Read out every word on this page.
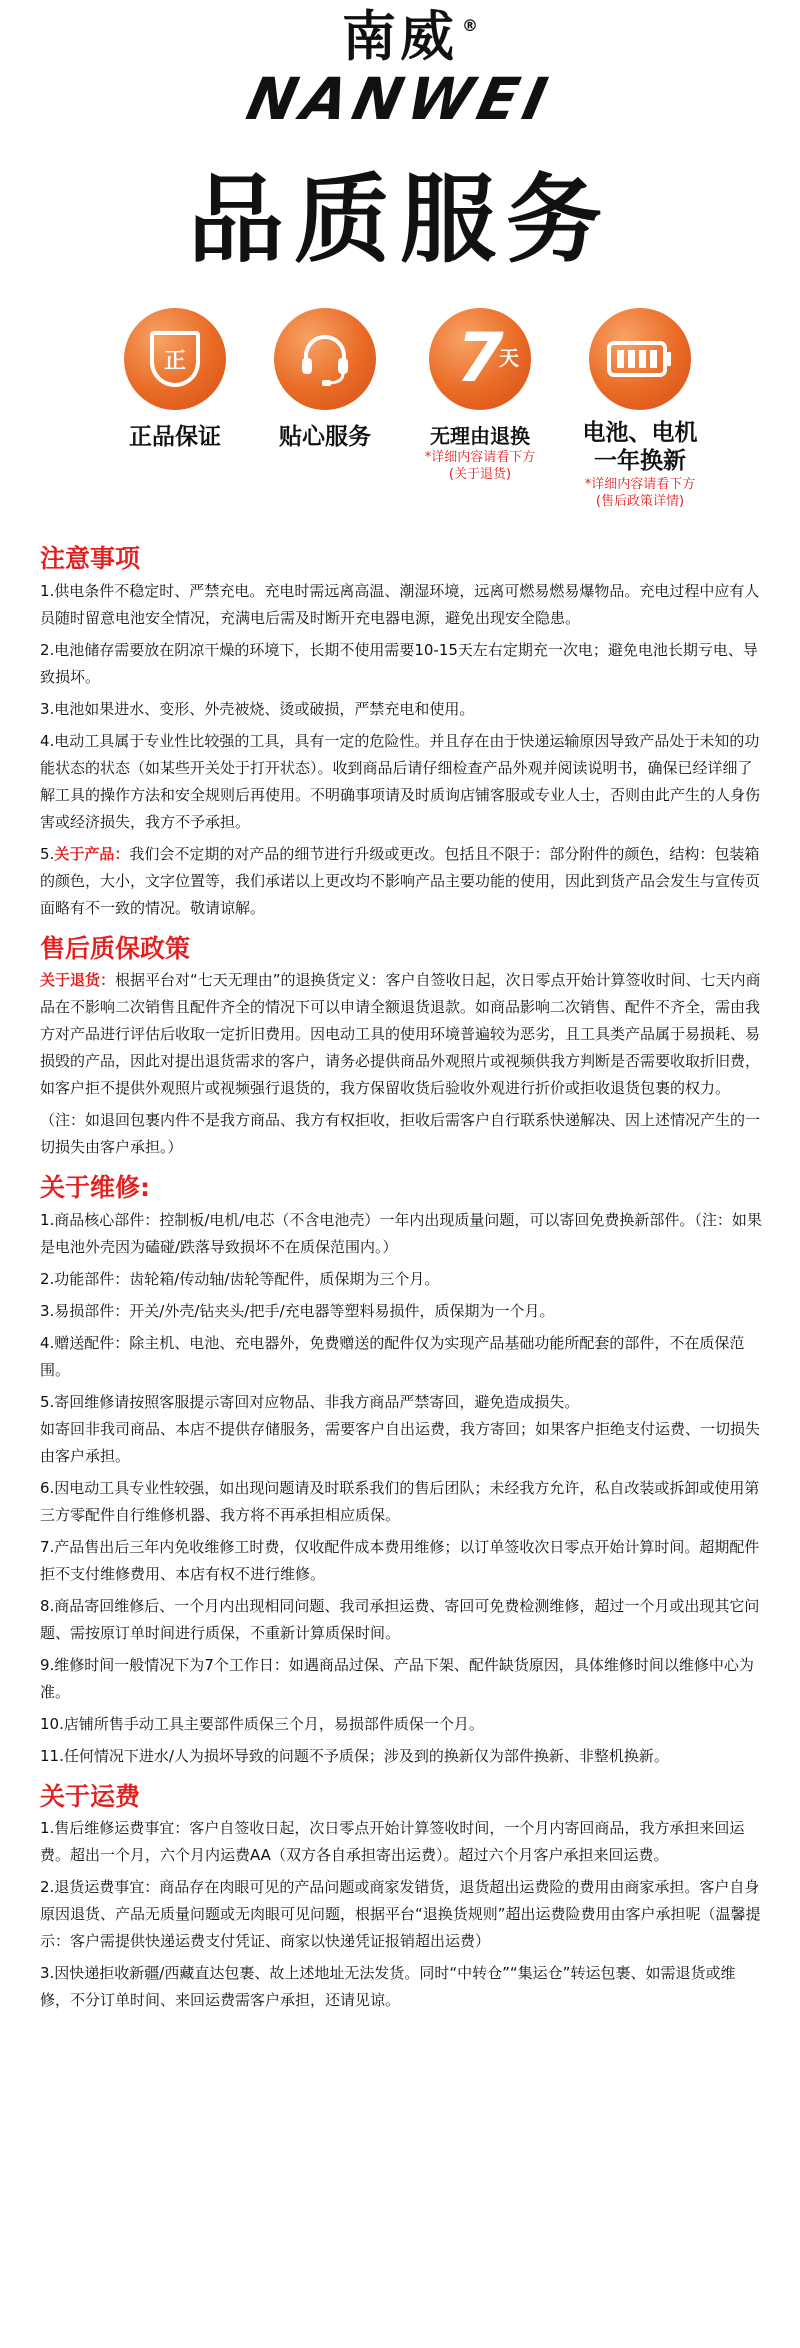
南威 ®
NANWEI
品质服务
正
正品保证	贴心服务
7
天
无理由退换
*详细内容请看下方
(关于退货)
电池、电机
一年换新
*详细内容请看下方
(售后政策详情)
注意事项

1.供电条件不稳定时、严禁充电。充电时需远离高温、潮湿环境，远离可燃易燃易爆物品。充电过程中应有人员随时留意电池安全情况，充满电后需及时断开充电器电源，避免出现安全隐患。

2.电池储存需要放在阴凉干燥的环境下，长期不使用需要10-15天左右定期充一次电；避免电池长期亏电、导致损坏。

3.电池如果进水、变形、外壳被烧、烫或破损，严禁充电和使用。

4.电动工具属于专业性比较强的工具，具有一定的危险性。并且存在由于快递运输原因导致产品处于未知的功能状态的状态（如某些开关处于打开状态）。收到商品后请仔细检查产品外观并阅读说明书，确保已经详细了解工具的操作方法和安全规则后再使用。不明确事项请及时质询店铺客服或专业人士，否则由此产生的人身伤害或经济损失，我方不予承担。

5.关于产品：我们会不定期的对产品的细节进行升级或更改。包括且不限于：部分附件的颜色，结构：包装箱的颜色，大小，文字位置等，我们承诺以上更改均不影响产品主要功能的使用，因此到货产品会发生与宣传页面略有不一致的情况。敬请谅解。

售后质保政策

关于退货：根据平台对“七天无理由”的退换货定义：客户自签收日起，次日零点开始计算签收时间、七天内商品在不影响二次销售且配件齐全的情况下可以申请全额退货退款。如商品影响二次销售、配件不齐全，需由我方对产品进行评估后收取一定折旧费用。因电动工具的使用环境普遍较为恶劣，且工具类产品属于易损耗、易损毁的产品，因此对提出退货需求的客户，请务必提供商品外观照片或视频供我方判断是否需要收取折旧费，如客户拒不提供外观照片或视频强行退货的，我方保留收货后验收外观进行折价或拒收退货包裹的权力。

（注：如退回包裹内件不是我方商品、我方有权拒收，拒收后需客户自行联系快递解决、因上述情况产生的一切损失由客户承担。）

关于维修:

1.商品核心部件：控制板/电机/电芯（不含电池壳）一年内出现质量问题，可以寄回免费换新部件。（注：如果是电池外壳因为磕碰/跌落导致损坏不在质保范围内。）

2.功能部件：齿轮箱/传动轴/齿轮等配件，质保期为三个月。

3.易损部件：开关/外壳/钻夹头/把手/充电器等塑料易损件，质保期为一个月。

4.赠送配件：除主机、电池、充电器外，免费赠送的配件仅为实现产品基础功能所配套的部件，不在质保范围。

5.寄回维修请按照客服提示寄回对应物品、非我方商品严禁寄回，避免造成损失。
如寄回非我司商品、本店不提供存储服务，需要客户自出运费，我方寄回；如果客户拒绝支付运费、一切损失由客户承担。

6.因电动工具专业性较强，如出现问题请及时联系我们的售后团队；未经我方允许，私自改装或拆卸或使用第三方零配件自行维修机器、我方将不再承担相应质保。

7.产品售出后三年内免收维修工时费，仅收配件成本费用维修；以订单签收次日零点开始计算时间。超期配件拒不支付维修费用、本店有权不进行维修。

8.商品寄回维修后、一个月内出现相同问题、我司承担运费、寄回可免费检测维修，超过一个月或出现其它问题、需按原订单时间进行质保，不重新计算质保时间。

9.维修时间一般情况下为7个工作日：如遇商品过保、产品下架、配件缺货原因，具体维修时间以维修中心为准。

10.店铺所售手动工具主要部件质保三个月，易损部件质保一个月。

11.任何情况下进水/人为损坏导致的问题不予质保；涉及到的换新仅为部件换新、非整机换新。

关于运费

1.售后维修运费事宜：客户自签收日起，次日零点开始计算签收时间，一个月内寄回商品，我方承担来回运费。超出一个月，六个月内运费AA（双方各自承担寄出运费）。超过六个月客户承担来回运费。

2.退货运费事宜：商品存在肉眼可见的产品问题或商家发错货，退货超出运费险的费用由商家承担。客户自身原因退货、产品无质量问题或无肉眼可见问题，根据平台“退换货规则”超出运费险费用由客户承担呢（温馨提示：客户需提供快递运费支付凭证、商家以快递凭证报销超出运费）

3.因快递拒收新疆/西藏直达包裹、故上述地址无法发货。同时“中转仓”“集运仓”转运包裹、如需退货或维修，不分订单时间、来回运费需客户承担，还请见谅。
